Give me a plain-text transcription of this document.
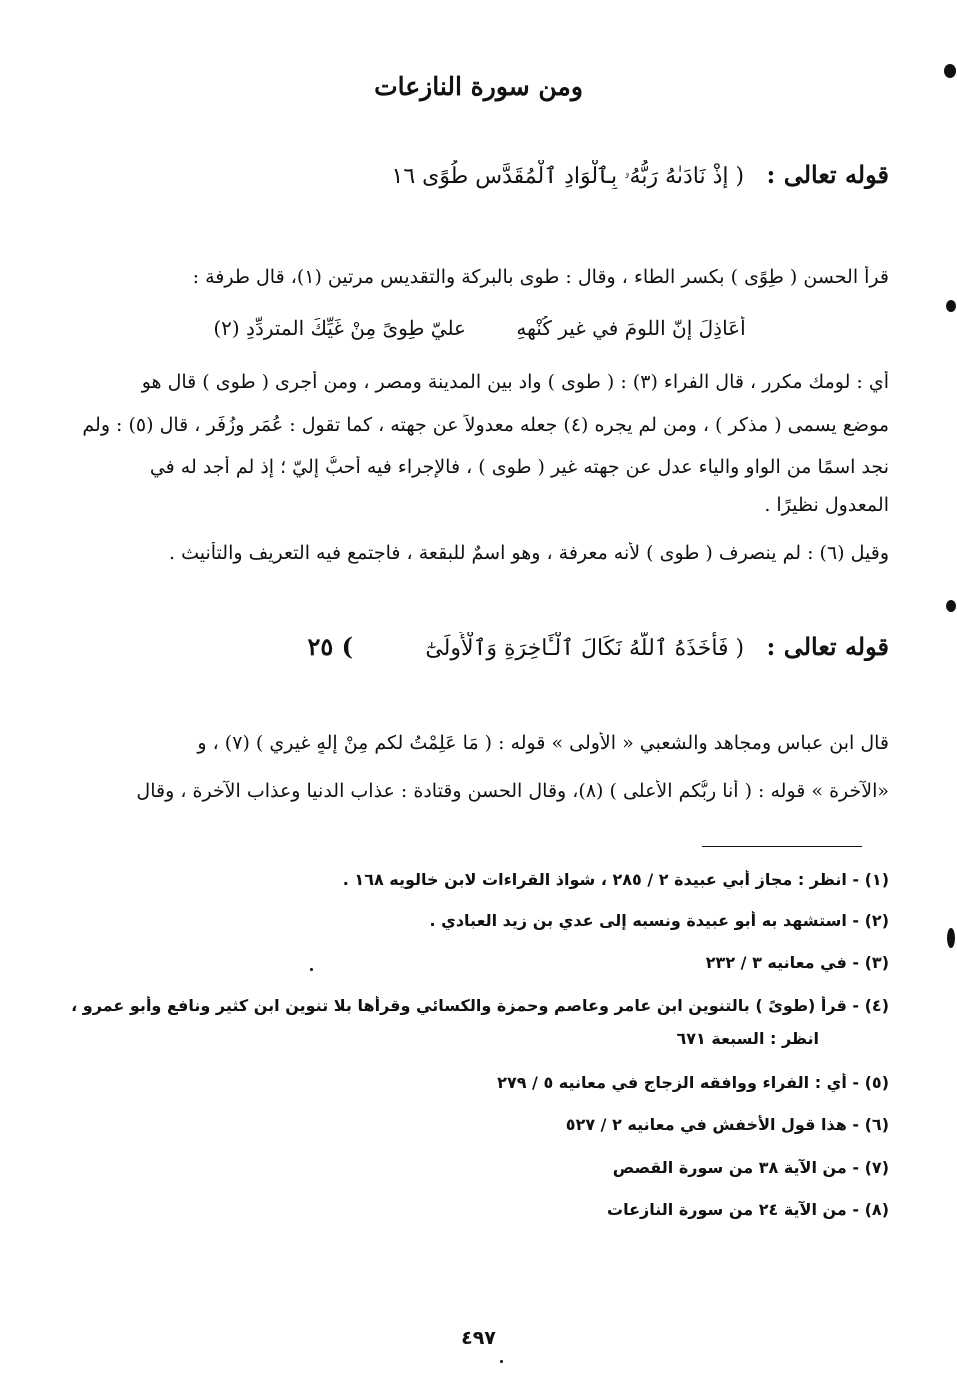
ومن سورة النازعات
قوله تعالى : ( إِذْ نَادَىٰهُ رَبُّهُۥ بِٱلْوَادِ ٱلْمُقَدَّسِ طُوًى ١٦
قرأ الحسن ( طِوًى ) بكسر الطاء ، وقال : طوى بالبركة والتقديس مرتين (١)، قال طرفة :
أَعَاذِلَ إنّ اللومَ في غيرِ كُنْهِهِ عليّ طِوىً مِنْ غَيِّكَ المتردِّدِ (٢)
أي : لومك مكرر ، قال الفراء (٣) : ( طوى ) واد بين المدينة ومصر ، ومن أجرى ( طوى ) قال هو
موضع يسمى ( مذكر ) ، ومن لم يجره (٤) جعله معدولاً عن جهته ، كما تقول : عُمَر وزُفَر ، قال (٥) : ولم
نجد اسمًا من الواو والياء عدل عن جهته غير ( طوى ) ، فالإجراء فيه أحبُّ إليّ ؛ إذ لم أجد له في
المعدول نظيرًا .
وقيل (٦) : لم ينصرف ( طوى ) لأنه معرفة ، وهو اسمٌ للبقعة ، فاجتمع فيه التعريف والتأنيث .
قوله تعالى : ( فَأَخَذَهُ ٱللَّهُ نَكَالَ ٱلْـَٔاخِرَةِ وَٱلْأُولَىٰٓ ) ٢٥
قال ابن عباس ومجاهد والشعبي « الأولى » قوله : ( مَا عَلِمْتُ لكم مِنْ إلهٍ غيري ) (٧) ، و
«الآخرة » قوله : ( أنا ربُّكم الأعلى ) (٨)، وقال الحسن وقتادة : عذاب الدنيا وعذاب الآخرة ، وقال
(١) - انظر : مجاز أبي عبيدة ٢ / ٢٨٥ ، شواذ القراءات لابن خالويه ١٦٨ .
(٢) - استشهد به أبو عبيدة ونسبه إلى عدي بن زيد العبادي .
(٣) - في معانيه ٣ / ٢٣٢
(٤) - قرأ (طوىً ) بالتنوين ابن عامر وعاصم وحمزة والكسائي وقرأها بلا تنوين ابن كثير ونافع وأبو عمرو ،
انظر : السبعة ٦٧١
(٥) - أي : الفراء ووافقه الزجاج في معانيه ٥ / ٢٧٩
(٦) - هذا قول الأخفش في معانيه ٢ / ٥٢٧
(٧) - من الآية ٣٨ من سورة القصص
(٨) - من الآية ٢٤ من سورة النازعات
٤٩٧
